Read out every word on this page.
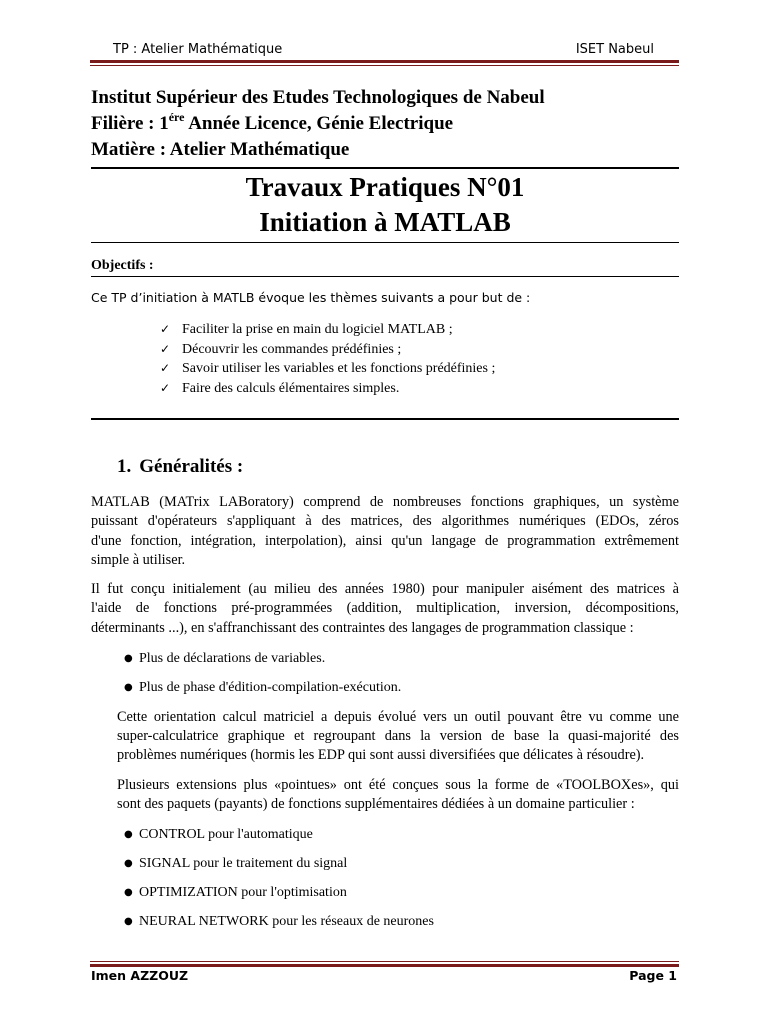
TP : Atelier Mathématique	ISET Nabeul
Institut Supérieur des Etudes Technologiques de Nabeul
Filière : $1^{ére}$ Année Licence, Génie Electrique
Matière : Atelier Mathématique
Travaux Pratiques N°01
Initiation à MATLAB
Objectifs :
Ce TP d’initiation à MATLB évoque les thèmes suivants a pour but de :
✓ Faciliter la prise en main du logiciel MATLAB ;
✓ Découvrir les commandes prédéfinies ;
✓ Savoir utiliser les variables et les fonctions prédéfinies ;
✓ Faire des calculs élémentaires simples.
1. Généralités :
MATLAB (MATrix LABoratory) comprend de nombreuses fonctions graphiques, un système
puissant d'opérateurs s'appliquant à des matrices, des algorithmes numériques (EDOs, zéros
d'une fonction, intégration, interpolation), ainsi qu'un langage de programmation extrêmement
simple à utiliser.
Il fut conçu initialement (au milieu des années 1980) pour manipuler aisément des matrices à
l'aide de fonctions pré-programmées (addition, multiplication, inversion, décompositions,
déterminants ...), en s'affranchissant des contraintes des langages de programmation classique :
● Plus de déclarations de variables.
● Plus de phase d'édition-compilation-exécution.
Cette orientation calcul matriciel a depuis évolué vers un outil pouvant être vu comme une
super-calculatrice graphique et regroupant dans la version de base la quasi-majorité des
problèmes numériques (hormis les EDP qui sont aussi diversifiées que délicates à résoudre).
Plusieurs extensions plus «pointues» ont été conçues sous la forme de «TOOLBOXes», qui
sont des paquets (payants) de fonctions supplémentaires dédiées à un domaine particulier :
● CONTROL pour l'automatique
● SIGNAL pour le traitement du signal
● OPTIMIZATION pour l'optimisation
● NEURAL NETWORK pour les réseaux de neurones
Imen AZZOUZ	Page 1
